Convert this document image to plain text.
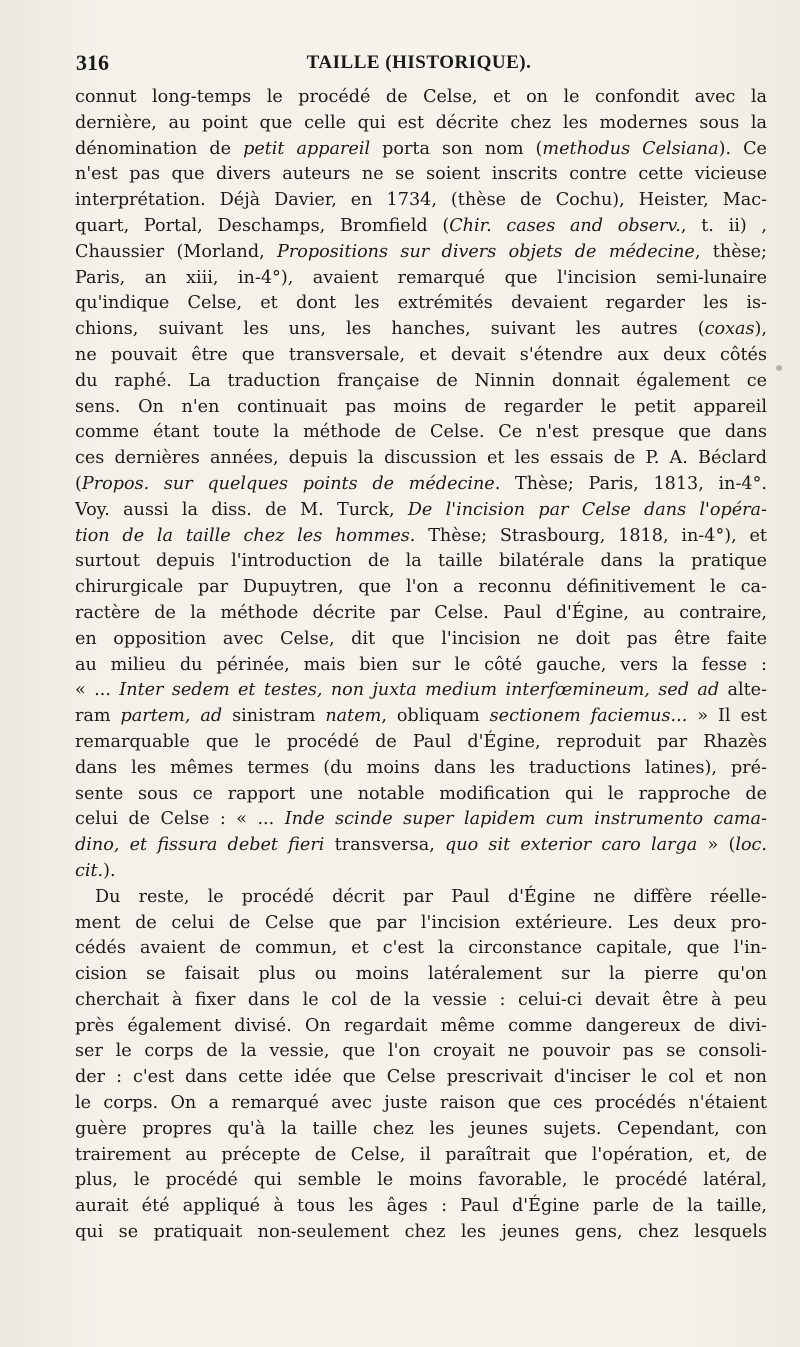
316	TAILLE (HISTORIQUE).
connut long-temps le procédé de Celse, et on le confondit avec la
dernière, au point que celle qui est décrite chez les modernes sous la
dénomination de petit appareil porta son nom (methodus Celsiana). Ce
n'est pas que divers auteurs ne se soient inscrits contre cette vicieuse
interprétation. Déjà Davier, en 1734, (thèse de Cochu), Heister, Mac-
quart, Portal, Deschamps, Bromfield (Chir. cases and observ., t. ii) ,
Chaussier (Morland, Propositions sur divers objets de médecine, thèse;
Paris, an xiii, in-4°), avaient remarqué que l'incision semi-lunaire
qu'indique Celse, et dont les extrémités devaient regarder les is-
chions, suivant les uns, les hanches, suivant les autres (coxas),
ne pouvait être que transversale, et devait s'étendre aux deux côtés
du raphé. La traduction française de Ninnin donnait également ce
sens. On n'en continuait pas moins de regarder le petit appareil
comme étant toute la méthode de Celse. Ce n'est presque que dans
ces dernières années, depuis la discussion et les essais de P. A. Béclard
(Propos. sur quelques points de médecine. Thèse; Paris, 1813, in-4°.
Voy. aussi la diss. de M. Turck, De l'incision par Celse dans l'opéra-
tion de la taille chez les hommes. Thèse; Strasbourg, 1818, in-4°), et
surtout depuis l'introduction de la taille bilatérale dans la pratique
chirurgicale par Dupuytren, que l'on a reconnu définitivement le ca-
ractère de la méthode décrite par Celse. Paul d'Égine, au contraire,
en opposition avec Celse, dit que l'incision ne doit pas être faite
au milieu du périnée, mais bien sur le côté gauche, vers la fesse :
« ... Inter sedem et testes, non juxta medium interfœmineum, sed ad alte-
ram partem, ad sinistram natem, obliquam sectionem faciemus... » Il est
remarquable que le procédé de Paul d'Égine, reproduit par Rhazès
dans les mêmes termes (du moins dans les traductions latines), pré-
sente sous ce rapport une notable modification qui le rapproche de
celui de Celse : « ... Inde scinde super lapidem cum instrumento cama-
dino, et fissura debet fieri transversa, quo sit exterior caro larga » (loc.
cit.).
Du reste, le procédé décrit par Paul d'Égine ne diffère réelle-
ment de celui de Celse que par l'incision extérieure. Les deux pro-
cédés avaient de commun, et c'est la circonstance capitale, que l'in-
cision se faisait plus ou moins latéralement sur la pierre qu'on
cherchait à fixer dans le col de la vessie : celui-ci devait être à peu
près également divisé. On regardait même comme dangereux de divi-
ser le corps de la vessie, que l'on croyait ne pouvoir pas se consoli-
der : c'est dans cette idée que Celse prescrivait d'inciser le col et non
le corps. On a remarqué avec juste raison que ces procédés n'étaient
guère propres qu'à la taille chez les jeunes sujets. Cependant, con
trairement au précepte de Celse, il paraîtrait que l'opération, et, de
plus, le procédé qui semble le moins favorable, le procédé latéral,
aurait été appliqué à tous les âges : Paul d'Égine parle de la taille,
qui se pratiquait non-seulement chez les jeunes gens, chez lesquels
